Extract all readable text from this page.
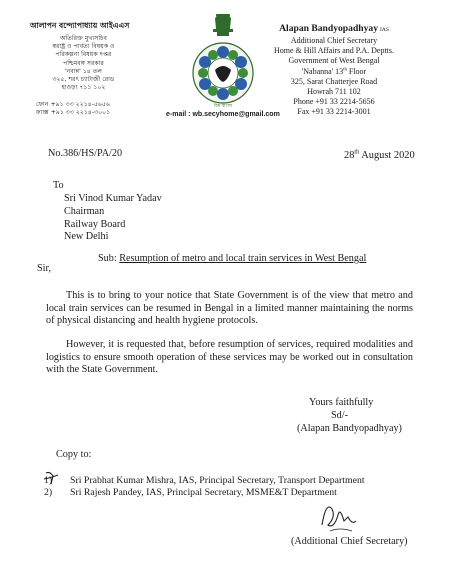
আলাপন বন্দ্যোপাধ্যায় আইএএস
অতিরিক্ত মুখ্যসচিব
স্বরাষ্ট্র ও পার্বত্য বিষয়ক ও
পরিকল্পনা বিষয়ক দপ্তর
পশ্চিমবঙ্গ সরকার
'নবান্ন' ১৪ তল
৩২৫, শরৎ চ্যাটার্জী রোড
হাওড়া ৭১১ ১০২
ফোন +৯১ ৩৩ ২২১৪-৫৬৫৬
ফ্যাক্স +৯১ ৩৩ ২২১৪-৩০০১
বিশ্ব বাংলা
Alapan Bandyopadhyay IAS
Additional Chief Secretary
Home & Hill Affairs and P.A. Deptts.
Government of West Bengal
'Nabanna' 13th Floor
325, Sarat Chatterjee Road
Howrah 711 102
Phone +91 33 2214-5656
Fax +91 33 2214-3001
e-mail : wb.secyhome@gmail.com
No.386/HS/PA/20	28th August 2020
To
Sri Vinod Kumar Yadav
Chairman
Railway Board
New Delhi
Sub: Resumption of metro and local train services in West Bengal
Sir,
This is to bring to your notice that State Government is of the view that metro and local train services can be resumed in Bengal in a limited manner maintaining the norms of physical distancing and health hygiene protocols.
However, it is requested that, before resumption of services, required modalities and logistics to ensure smooth operation of these services may be worked out in consultation with the State Government.
Yours faithfully
Sd/-
(Alapan Bandyopadhyay)
Copy to:
1) Sri Prabhat Kumar Mishra, IAS, Principal Secretary, Transport Department
2) Sri Rajesh Pandey, IAS, Principal Secretary, MSME&T Department
(Additional Chief Secretary)
